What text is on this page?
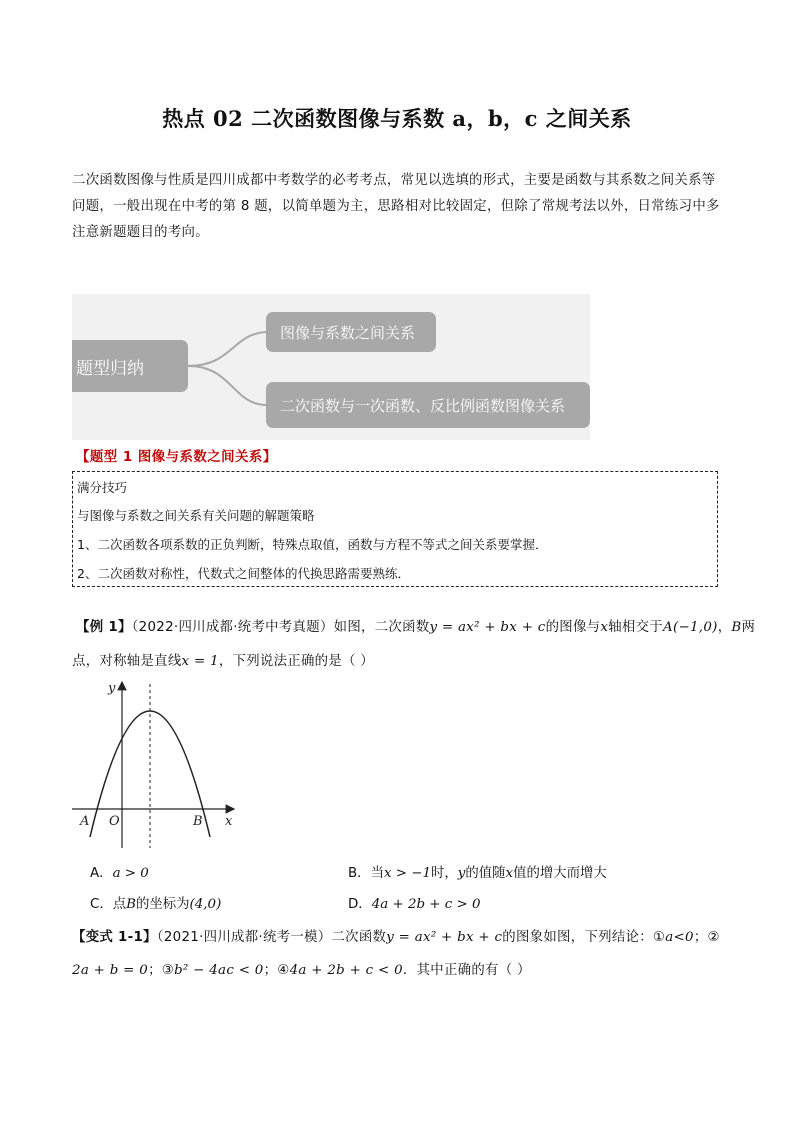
热点 02 二次函数图像与系数 a，b，c 之间关系
二次函数图像与性质是四川成都中考数学的必考考点，常见以选填的形式，主要是函数与其系数之间关系等问题，一般出现在中考的第 8 题，以简单题为主，思路相对比较固定，但除了常规考法以外，日常练习中多注意新题题目的考向。
题型归纳
图像与系数之间关系
二次函数与一次函数、反比例函数图像关系
【题型 1 图像与系数之间关系】
满分技巧
与图像与系数之间关系有关问题的解题策略
1、二次函数各项系数的正负判断，特殊点取值，函数与方程不等式之间关系要掌握．
2、二次函数对称性，代数式之间整体的代换思路需要熟练．
【例 1】（2022·四川成都·统考中考真题）如图，二次函数y = ax² + bx + c的图像与x轴相交于A(−1,0)，B两
点，对称轴是直线x = 1，下列说法正确的是（ ）
y
x
O
A	B
A．a > 0	B．当x > −1时，y的值随x值的增大而增大
C．点B的坐标为(4,0)	D．4a + 2b + c > 0
【变式 1-1】（2021·四川成都·统考一模）二次函数y = ax² + bx + c的图象如图，下列结论：①a<0；②
2a + b = 0；③b² − 4ac < 0；④4a + 2b + c < 0．其中正确的有（ ）
